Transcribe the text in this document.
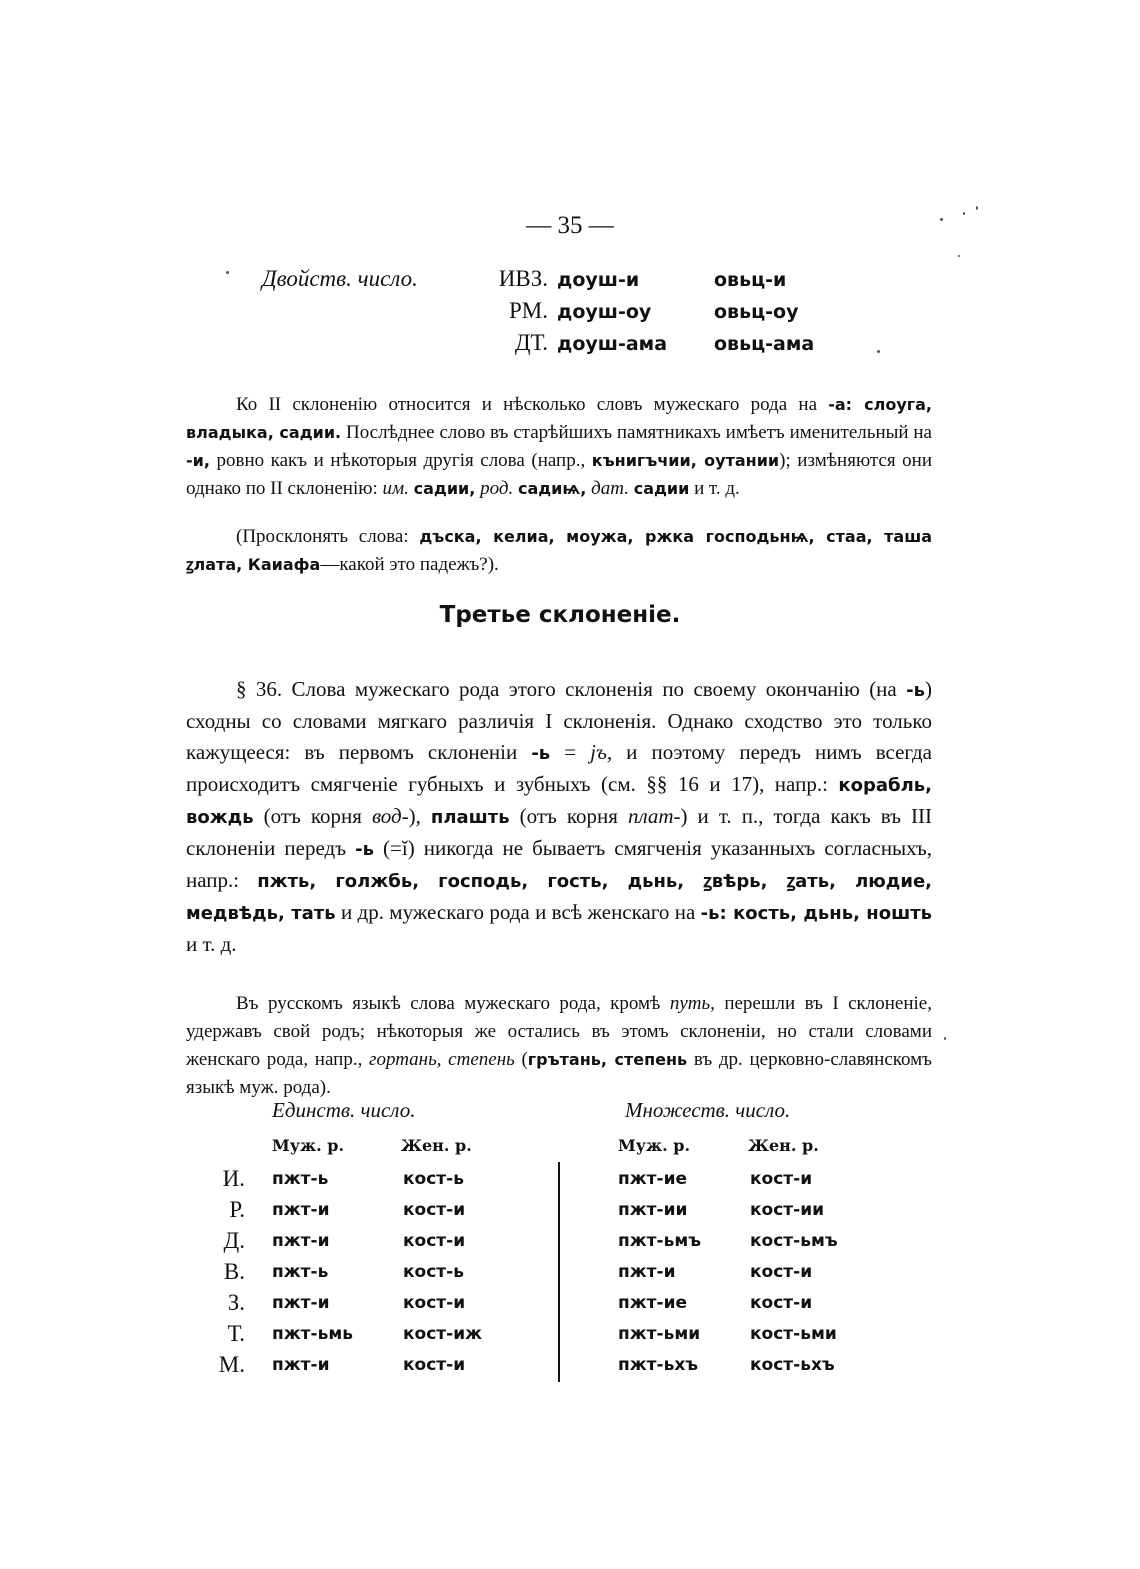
— 35 —
Двойств. число.	ИВЗ. доуш-и	овьц-и
РМ. доуш-оу	овьц-оу
ДТ. доуш-ама овьц-ама

Ко II склоненію относится и нѣсколько словъ мужескаго рода на -а: слоуга, владыка, садии. Послѣднее слово въ старѣйшихъ памятникахъ имѣетъ именительный на -и, ровно какъ и нѣкоторыя другія слова (напр., кънигъчии, оутании); измѣняются они однако по II склоненію: им. садии, род. садиѩ, дат. садии и т. д.

(Просклонять слова: дъска, келиа, моужа, ржка господьнѩ, стаа, таша ꙁлата, Каиафа—какой это падежъ?).

Третье склоненіе.

§ 36. Слова мужескаго рода этого склоненія по своему окончанію (на -ь) сходны со словами мягкаго различія I склоненія. Однако сходство это только кажущееся: въ первомъ склоненіи -ь = jъ, и поэтому передъ нимъ всегда происходитъ смягченіе губныхъ и зубныхъ (см. §§ 16 и 17), напр.: корабль, вождь (отъ корня вод-), плашть (отъ корня плат-) и т. п., тогда какъ въ III склоненіи передъ -ь (=ĭ) никогда не бываетъ смягченія указанныхъ согласныхъ, напр.: пжть, голжбь, господь, гость, дьнь, ꙁвѣрь, ꙁать, людие, медвѣдь, тать и др. мужескаго рода и всѣ женскаго на -ь: кость, дьнь, ношть и т. д.

Въ русскомъ языкѣ слова мужескаго рода, кромѣ путь, перешли въ I склоненіе, удержавъ свой родъ; нѣкоторыя же остались въ этомъ склоненіи, но стали словами женскаго рода, напр., гортань, степень (грътань, степень въ др. церковно-славянскомъ языкѣ муж. рода).

Единств. число.	Множеств. число.
Муж. р.	Жен. р.	Муж. р.	Жен. р.
И. пжт-ь	кост-ь	пжт-ие	кост-и
Р. пжт-и	кост-и	пжт-ии	кост-ии
Д. пжт-и	кост-и	пжт-ьмъ	кост-ьмъ
В. пжт-ь	кост-ь	пжт-и	кост-и
З. пжт-и	кост-и	пжт-ие	кост-и
Т. пжт-ьмь	кост-иж	пжт-ьми	кост-ьми
М. пжт-и	кост-и	пжт-ьхъ	кост-ьхъ
